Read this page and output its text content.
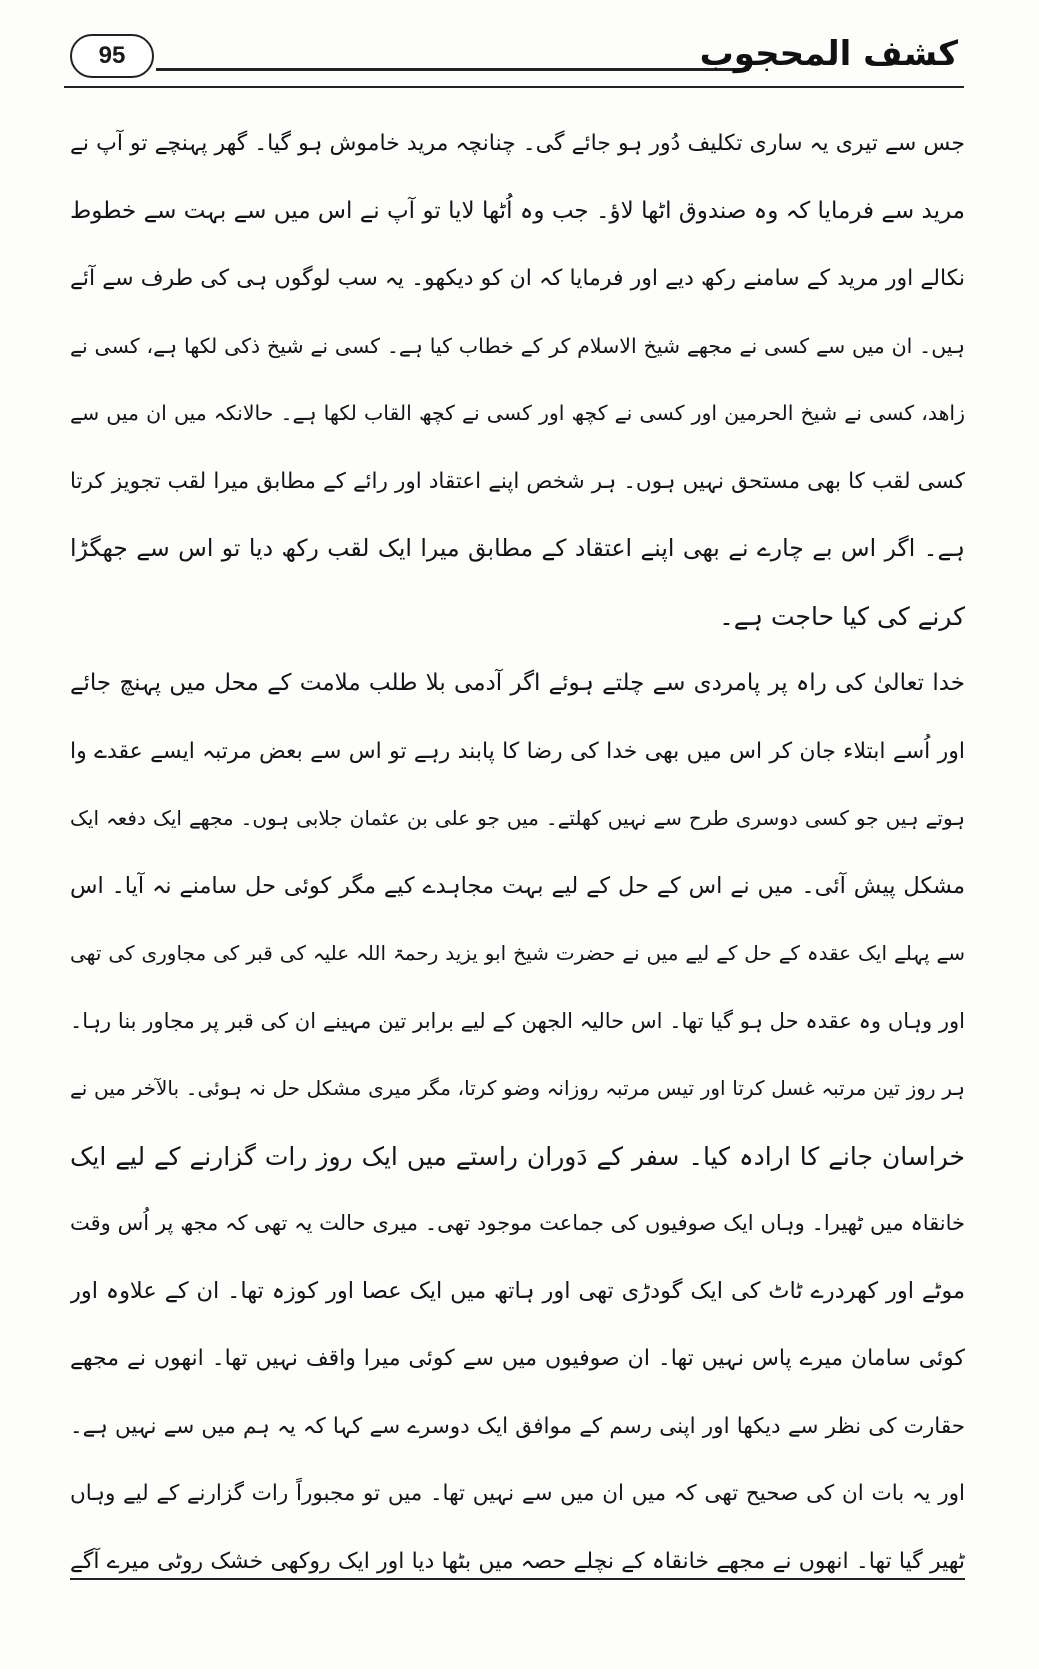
95	کشف المحجوب
جس سے تیری یہ ساری تکلیف دُور ہو جائے گی۔ چنانچہ مرید خاموش ہو گیا۔ گھر پہنچے تو آپ نے
مرید سے فرمایا کہ وہ صندوق اٹھا لاؤ۔ جب وہ اُٹھا لایا تو آپ نے اس میں سے بہت سے خطوط
نکالے اور مرید کے سامنے رکھ دیے اور فرمایا کہ ان کو دیکھو۔ یہ سب لوگوں ہی کی طرف سے آئے
ہیں۔ ان میں سے کسی نے مجھے شیخ الاسلام کر کے خطاب کیا ہے۔ کسی نے شیخ ذکی لکھا ہے، کسی نے
زاھد، کسی نے شیخ الحرمین اور کسی نے کچھ اور کسی نے کچھ القاب لکھا ہے۔ حالانکہ میں ان میں سے
کسی لقب کا بھی مستحق نہیں ہوں۔ ہر شخص اپنے اعتقاد اور رائے کے مطابق میرا لقب تجویز کرتا
ہے۔ اگر اس بے چارے نے بھی اپنے اعتقاد کے مطابق میرا ایک لقب رکھ دیا تو اس سے جھگڑا
کرنے کی کیا حاجت ہے۔
خدا تعالیٰ کی راہ پر پامردی سے چلتے ہوئے اگر آدمی بلا طلب ملامت کے محل میں پہنچ جائے
اور اُسے ابتلاء جان کر اس میں بھی خدا کی رضا کا پابند رہے تو اس سے بعض مرتبہ ایسے عقدے وا
ہوتے ہیں جو کسی دوسری طرح سے نہیں کھلتے۔ میں جو علی بن عثمان جلابی ہوں۔ مجھے ایک دفعہ ایک
مشکل پیش آئی۔ میں نے اس کے حل کے لیے بہت مجاہدے کیے مگر کوئی حل سامنے نہ آیا۔ اس
سے پہلے ایک عقدہ کے حل کے لیے میں نے حضرت شیخ ابو یزید رحمۃ اللہ علیہ کی قبر کی مجاوری کی تھی
اور وہاں وہ عقدہ حل ہو گیا تھا۔ اس حالیہ الجھن کے لیے برابر تین مہینے ان کی قبر پر مجاور بنا رہا۔
ہر روز تین مرتبہ غسل کرتا اور تیس مرتبہ روزانہ وضو کرتا، مگر میری مشکل حل نہ ہوئی۔ بالآخر میں نے
خراسان جانے کا ارادہ کیا۔ سفر کے دَوران راستے میں ایک روز رات گزارنے کے لیے ایک
خانقاہ میں ٹھیرا۔ وہاں ایک صوفیوں کی جماعت موجود تھی۔ میری حالت یہ تھی کہ مجھ پر اُس وقت
موٹے اور کھردرے ٹاٹ کی ایک گودڑی تھی اور ہاتھ میں ایک عصا اور کوزہ تھا۔ ان کے علاوہ اور
کوئی سامان میرے پاس نہیں تھا۔ ان صوفیوں میں سے کوئی میرا واقف نہیں تھا۔ انھوں نے مجھے
حقارت کی نظر سے دیکھا اور اپنی رسم کے موافق ایک دوسرے سے کہا کہ یہ ہم میں سے نہیں ہے۔
اور یہ بات ان کی صحیح تھی کہ میں ان میں سے نہیں تھا۔ میں تو مجبوراً رات گزارنے کے لیے وہاں
ٹھیر گیا تھا۔ انھوں نے مجھے خانقاہ کے نچلے حصہ میں بٹھا دیا اور ایک روکھی خشک روٹی میرے آگے
